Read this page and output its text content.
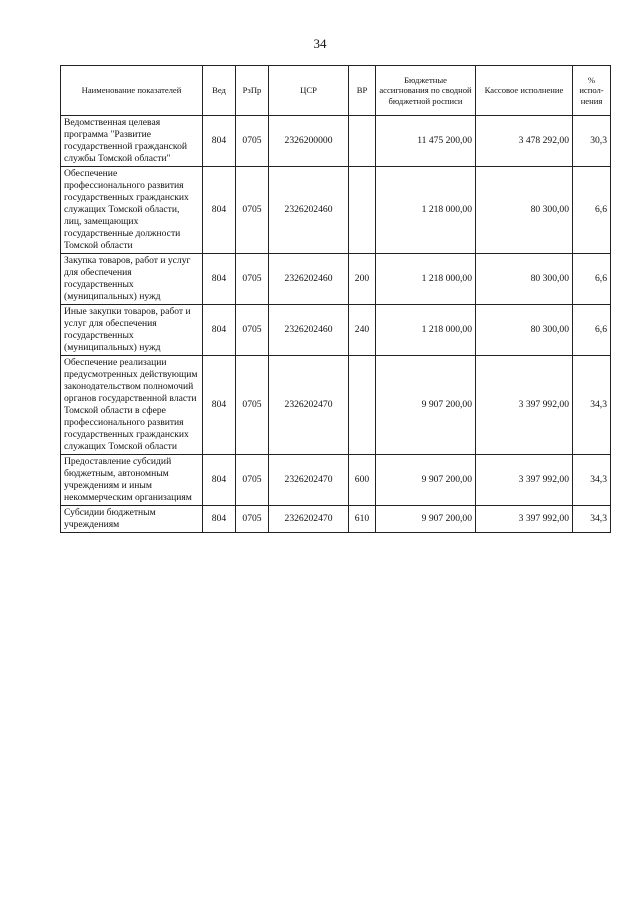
34
Наименование показателей	Вед	РзПр	ЦСР	ВР	Бюджетные ассигнования по сводной бюджетной росписи	Кассовое исполнение	% испол-нения
Ведомственная целевая программа "Развитие государственной гражданской службы Томской области"	804	0705	2326200000		11 475 200,00	3 478 292,00	30,3
Обеспечение профессионального развития государственных гражданских служащих Томской области, лиц, замещающих государственные должности Томской области	804	0705	2326202460		1 218 000,00	80 300,00	6,6
Закупка товаров, работ и услуг для обеспечения государственных (муниципальных) нужд	804	0705	2326202460	200	1 218 000,00	80 300,00	6,6
Иные закупки товаров, работ и услуг для обеспечения государственных (муниципальных) нужд	804	0705	2326202460	240	1 218 000,00	80 300,00	6,6
Обеспечение реализации предусмотренных действующим законодательством полномочий органов государственной власти Томской области в сфере профессионального развития государственных гражданских служащих Томской области	804	0705	2326202470		9 907 200,00	3 397 992,00	34,3
Предоставление субсидий бюджетным, автономным учреждениям и иным некоммерческим организациям	804	0705	2326202470	600	9 907 200,00	3 397 992,00	34,3
Субсидии бюджетным учреждениям	804	0705	2326202470	610	9 907 200,00	3 397 992,00	34,3
